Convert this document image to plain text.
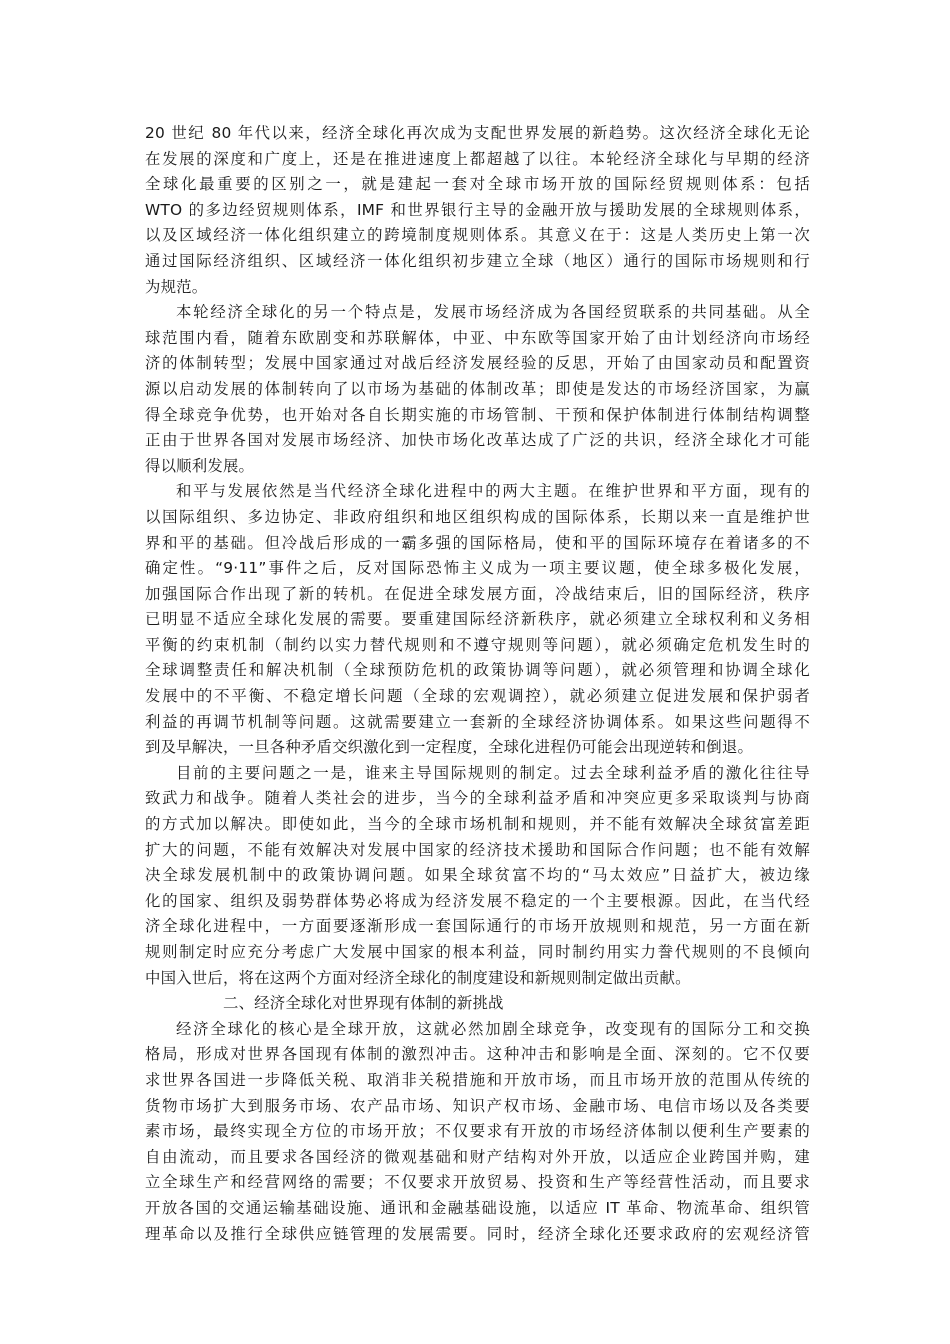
20 世纪 80 年代以来，经济全球化再次成为支配世界发展的新趋势。这次经济全球化无论
在发展的深度和广度上，还是在推进速度上都超越了以往。本轮经济全球化与早期的经济
全球化最重要的区别之一，就是建起一套对全球市场开放的国际经贸规则体系：包括
WTO 的多边经贸规则体系，IMF 和世界银行主导的金融开放与援助发展的全球规则体系，
以及区域经济一体化组织建立的跨境制度规则体系。其意义在于：这是人类历史上第一次
通过国际经济组织、区域经济一体化组织初步建立全球（地区）通行的国际市场规则和行
为规范。
本轮经济全球化的另一个特点是，发展市场经济成为各国经贸联系的共同基础。从全
球范围内看，随着东欧剧变和苏联解体，中亚、中东欧等国家开始了由计划经济向市场经
济的体制转型；发展中国家通过对战后经济发展经验的反思，开始了由国家动员和配置资
源以启动发展的体制转向了以市场为基础的体制改革；即使是发达的市场经济国家，为赢
得全球竞争优势，也开始对各自长期实施的市场管制、干预和保护体制进行体制结构调整
正由于世界各国对发展市场经济、加快市场化改革达成了广泛的共识，经济全球化才可能
得以顺利发展。
和平与发展依然是当代经济全球化进程中的两大主题。在维护世界和平方面，现有的
以国际组织、多边协定、非政府组织和地区组织构成的国际体系，长期以来一直是维护世
界和平的基础。但冷战后形成的一霸多强的国际格局，使和平的国际环境存在着诸多的不
确定性。“9·11”事件之后，反对国际恐怖主义成为一项主要议题，使全球多极化发展，
加强国际合作出现了新的转机。在促进全球发展方面，冷战结束后，旧的国际经济，秩序
已明显不适应全球化发展的需要。要重建国际经济新秩序，就必须建立全球权利和义务相
平衡的约束机制（制约以实力替代规则和不遵守规则等问题），就必须确定危机发生时的
全球调整责任和解决机制（全球预防危机的政策协调等问题），就必须管理和协调全球化
发展中的不平衡、不稳定增长问题（全球的宏观调控），就必须建立促进发展和保护弱者
利益的再调节机制等问题。这就需要建立一套新的全球经济协调体系。如果这些问题得不
到及早解决，一旦各种矛盾交织激化到一定程度，全球化进程仍可能会出现逆转和倒退。
目前的主要问题之一是，谁来主导国际规则的制定。过去全球利益矛盾的激化往往导
致武力和战争。随着人类社会的进步，当今的全球利益矛盾和冲突应更多采取谈判与协商
的方式加以解决。即使如此，当今的全球市场机制和规则，并不能有效解决全球贫富差距
扩大的问题，不能有效解决对发展中国家的经济技术援助和国际合作问题；也不能有效解
决全球发展机制中的政策协调问题。如果全球贫富不均的“马太效应”日益扩大，被边缘
化的国家、组织及弱势群体势必将成为经济发展不稳定的一个主要根源。因此，在当代经
济全球化进程中，一方面要逐渐形成一套国际通行的市场开放规则和规范，另一方面在新
规则制定时应充分考虑广大发展中国家的根本利益，同时制约用实力誊代规则的不良倾向
中国入世后，将在这两个方面对经济全球化的制度建设和新规则制定做出贡献。
二、经济全球化对世界现有体制的新挑战
经济全球化的核心是全球开放，这就必然加剧全球竞争，改变现有的国际分工和交换
格局，形成对世界各国现有体制的激烈冲击。这种冲击和影响是全面、深刻的。它不仅要
求世界各国进一步降低关税、取消非关税措施和开放市场，而且市场开放的范围从传统的
货物市场扩大到服务市场、农产品市场、知识产权市场、金融市场、电信市场以及各类要
素市场，最终实现全方位的市场开放；不仅要求有开放的市场经济体制以便利生产要素的
自由流动，而且要求各国经济的微观基础和财产结构对外开放，以适应企业跨国并购，建
立全球生产和经营网络的需要；不仅要求开放贸易、投资和生产等经营性活动，而且要求
开放各国的交通运输基础设施、通讯和金融基础设施，以适应 IT 革命、物流革命、组织管
理革命以及推行全球供应链管理的发展需要。同时，经济全球化还要求政府的宏观经济管
